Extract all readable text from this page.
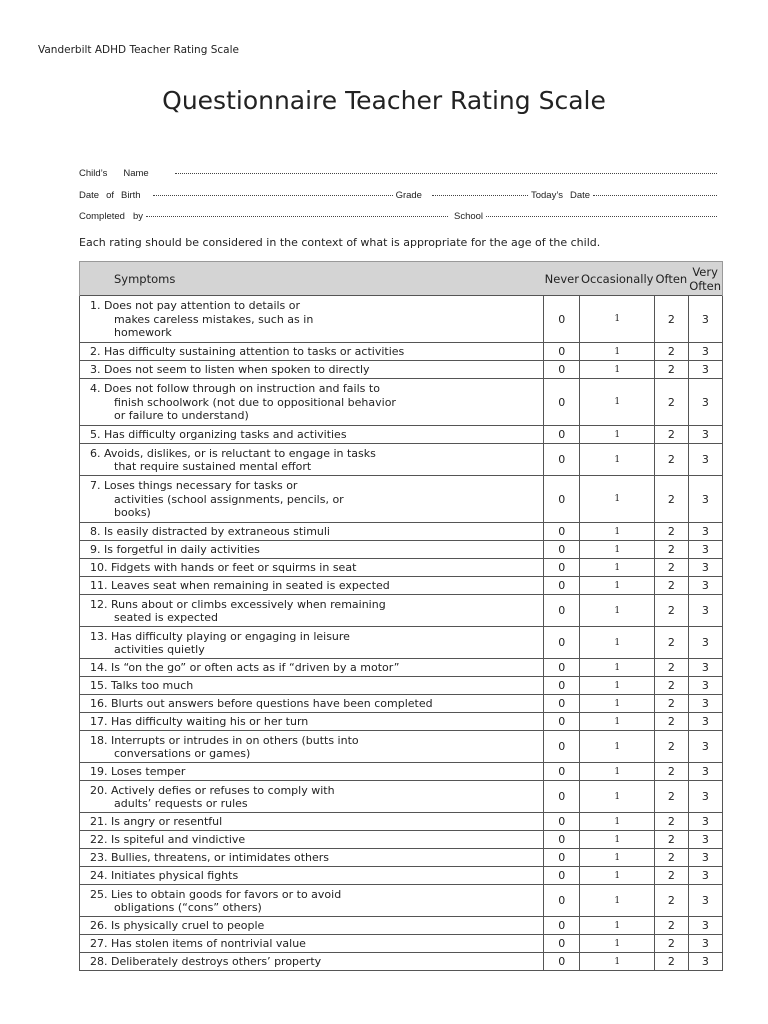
Vanderbilt ADHD Teacher Rating Scale
Questionnaire Teacher Rating Scale
Child’s Name
Date of Birth	Grade	Today’s Date
Completed by	School
Each rating should be considered in the context of what is appropriate for the age of the child.
Symptoms	Never	Occasionally	Often	Very Often
1. Does not pay attention to details or
makes careless mistakes, such as in
homework	0	1	2	3
2. Has difficulty sustaining attention to tasks or activities	0	1	2	3
3. Does not seem to listen when spoken to directly	0	1	2	3
4. Does not follow through on instruction and fails to
finish schoolwork (not due to oppositional behavior
or failure to understand)	0	1	2	3
5. Has difficulty organizing tasks and activities	0	1	2	3
6. Avoids, dislikes, or is reluctant to engage in tasks
that require sustained mental effort	0	1	2	3
7. Loses things necessary for tasks or
activities (school assignments, pencils, or
books)	0	1	2	3
8. Is easily distracted by extraneous stimuli	0	1	2	3
9. Is forgetful in daily activities	0	1	2	3
10. Fidgets with hands or feet or squirms in seat	0	1	2	3
11. Leaves seat when remaining in seated is expected	0	1	2	3
12. Runs about or climbs excessively when remaining
seated is expected	0	1	2	3
13. Has difficulty playing or engaging in leisure
activities quietly	0	1	2	3
14. Is “on the go” or often acts as if “driven by a motor”	0	1	2	3
15. Talks too much	0	1	2	3
16. Blurts out answers before questions have been completed	0	1	2	3
17. Has difficulty waiting his or her turn	0	1	2	3
18. Interrupts or intrudes in on others (butts into
conversations or games)	0	1	2	3
19. Loses temper	0	1	2	3
20. Actively defies or refuses to comply with
adults’ requests or rules	0	1	2	3
21. Is angry or resentful	0	1	2	3
22. Is spiteful and vindictive	0	1	2	3
23. Bullies, threatens, or intimidates others	0	1	2	3
24. Initiates physical fights	0	1	2	3
25. Lies to obtain goods for favors or to avoid
obligations (“cons” others)	0	1	2	3
26. Is physically cruel to people	0	1	2	3
27. Has stolen items of nontrivial value	0	1	2	3
28. Deliberately destroys others’ property	0	1	2	3
